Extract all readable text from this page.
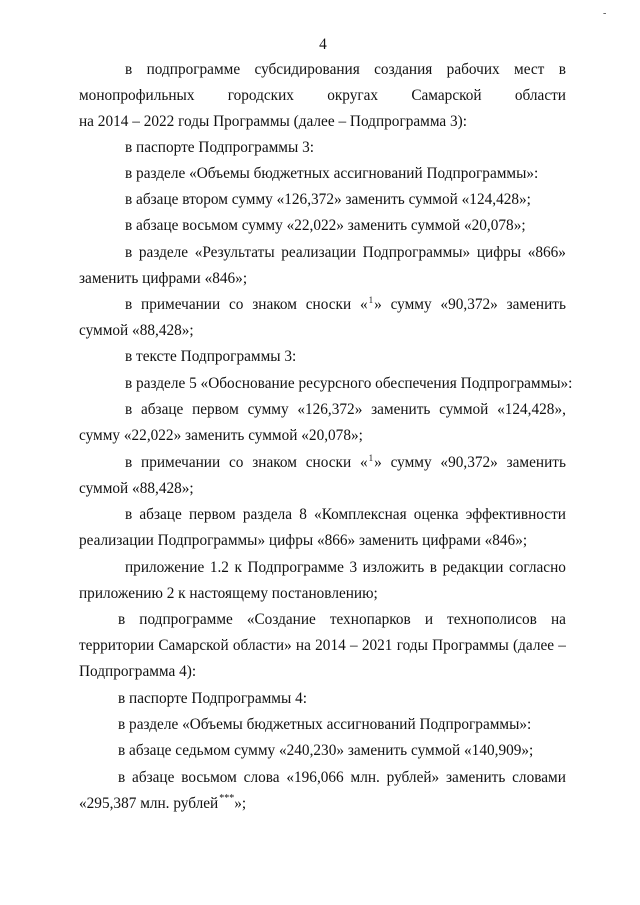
4
в подпрограмме субсидирования создания рабочих мест в
монопрофильных городских округах Самарской области
на 2014 – 2022 годы Программы (далее – Подпрограмма 3):
в паспорте Подпрограммы 3:
в разделе «Объемы бюджетных ассигнований Подпрограммы»:
в абзаце втором сумму «126,372» заменить суммой «124,428»;
в абзаце восьмом сумму «22,022» заменить суммой «20,078»;
в разделе «Результаты реализации Подпрограммы» цифры «866»
заменить цифрами «846»;
в примечании со знаком сноски «1» сумму «90,372» заменить
суммой «88,428»;
в тексте Подпрограммы 3:
в разделе 5 «Обоснование ресурсного обеспечения Подпрограммы»:
в абзаце первом сумму «126,372» заменить суммой «124,428»,
сумму «22,022» заменить суммой «20,078»;
в примечании со знаком сноски «1» сумму «90,372» заменить
суммой «88,428»;
в абзаце первом раздела 8 «Комплексная оценка эффективности
реализации Подпрограммы» цифры «866» заменить цифрами «846»;
приложение 1.2 к Подпрограмме 3 изложить в редакции согласно
приложению 2 к настоящему постановлению;
в подпрограмме «Создание технопарков и технополисов на
территории Самарской области» на 2014 – 2021 годы Программы (далее –
Подпрограмма 4):
в паспорте Подпрограммы 4:
в разделе «Объемы бюджетных ассигнований Подпрограммы»:
в абзаце седьмом сумму «240,230» заменить суммой «140,909»;
в абзаце восьмом слова «196,066 млн. рублей» заменить словами
«295,387 млн. рублей***»;
-
